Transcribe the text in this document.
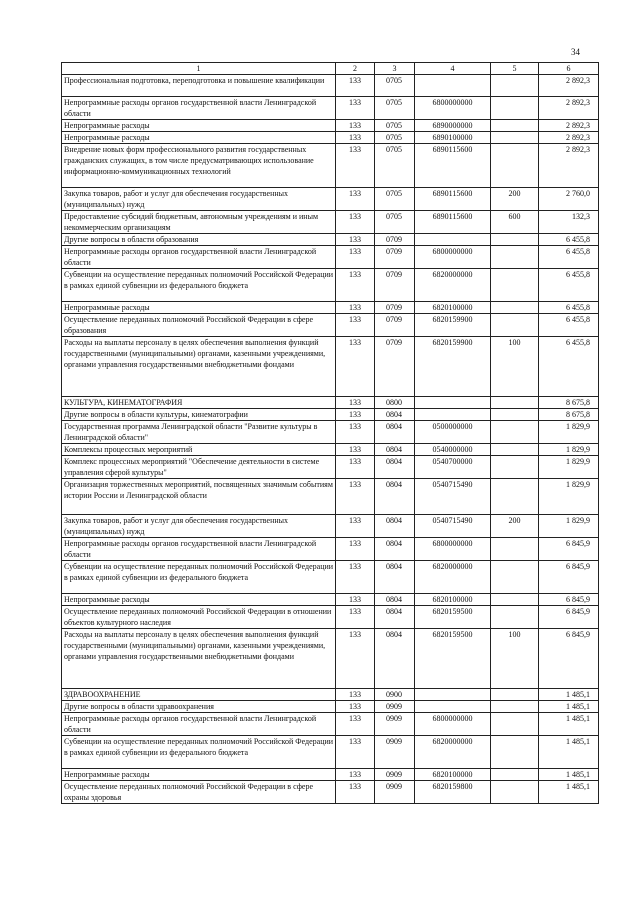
34
1	2	3	4	5	6
Профессиональная подготовка, переподготовка и повышение квалификации	133	0705			2 892,3
Непрограммные расходы органов государственной власти Ленинградской области	133	0705	6800000000		2 892,3
Непрограммные расходы	133	0705	6890000000		2 892,3
Непрограммные расходы	133	0705	6890100000		2 892,3
Внедрение новых форм профессионального развития государственных гражданских служащих, в том числе предусматривающих использование информационно-коммуникационных технологий	133	0705	6890115600		2 892,3
Закупка товаров, работ и услуг для обеспечения государственных (муниципальных) нужд	133	0705	6890115600	200	2 760,0
Предоставление субсидий бюджетным, автономным учреждениям и иным некоммерческим организациям	133	0705	6890115600	600	132,3
Другие вопросы в области образования	133	0709			6 455,8
Непрограммные расходы органов государственной власти Ленинградской области	133	0709	6800000000		6 455,8
Субвенции на осуществление переданных полномочий Российской Федерации в рамках единой субвенции из федерального бюджета	133	0709	6820000000		6 455,8
Непрограммные расходы	133	0709	6820100000		6 455,8
Осуществление переданных полномочий Российской Федерации в сфере образования	133	0709	6820159900		6 455,8
Расходы на выплаты персоналу в целях обеспечения выполнения функций государственными (муниципальными) органами, казенными учреждениями, органами управления государственными внебюджетными фондами	133	0709	6820159900	100	6 455,8
КУЛЬТУРА, КИНЕМАТОГРАФИЯ	133	0800			8 675,8
Другие вопросы в области культуры, кинематографии	133	0804			8 675,8
Государственная программа Ленинградской области "Развитие культуры в Ленинградской области"	133	0804	0500000000		1 829,9
Комплексы процессных мероприятий	133	0804	0540000000		1 829,9
Комплекс процессных мероприятий "Обеспечение деятельности в системе управления сферой культуры"	133	0804	0540700000		1 829,9
Организация торжественных мероприятий, посвященных значимым событиям истории России и Ленинградской области	133	0804	0540715490		1 829,9
Закупка товаров, работ и услуг для обеспечения государственных (муниципальных) нужд	133	0804	0540715490	200	1 829,9
Непрограммные расходы органов государственной власти Ленинградской области	133	0804	6800000000		6 845,9
Субвенции на осуществление переданных полномочий Российской Федерации в рамках единой субвенции из федерального бюджета	133	0804	6820000000		6 845,9
Непрограммные расходы	133	0804	6820100000		6 845,9
Осуществление переданных полномочий Российской Федерации в отношении объектов культурного наследия	133	0804	6820159500		6 845,9
Расходы на выплаты персоналу в целях обеспечения выполнения функций государственными (муниципальными) органами, казенными учреждениями, органами управления государственными внебюджетными фондами	133	0804	6820159500	100	6 845,9
ЗДРАВООХРАНЕНИЕ	133	0900			1 485,1
Другие вопросы в области здравоохранения	133	0909			1 485,1
Непрограммные расходы органов государственной власти Ленинградской области	133	0909	6800000000		1 485,1
Субвенции на осуществление переданных полномочий Российской Федерации в рамках единой субвенции из федерального бюджета	133	0909	6820000000		1 485,1
Непрограммные расходы	133	0909	6820100000		1 485,1
Осуществление переданных полномочий Российской Федерации в сфере охраны здоровья	133	0909	6820159800		1 485,1
